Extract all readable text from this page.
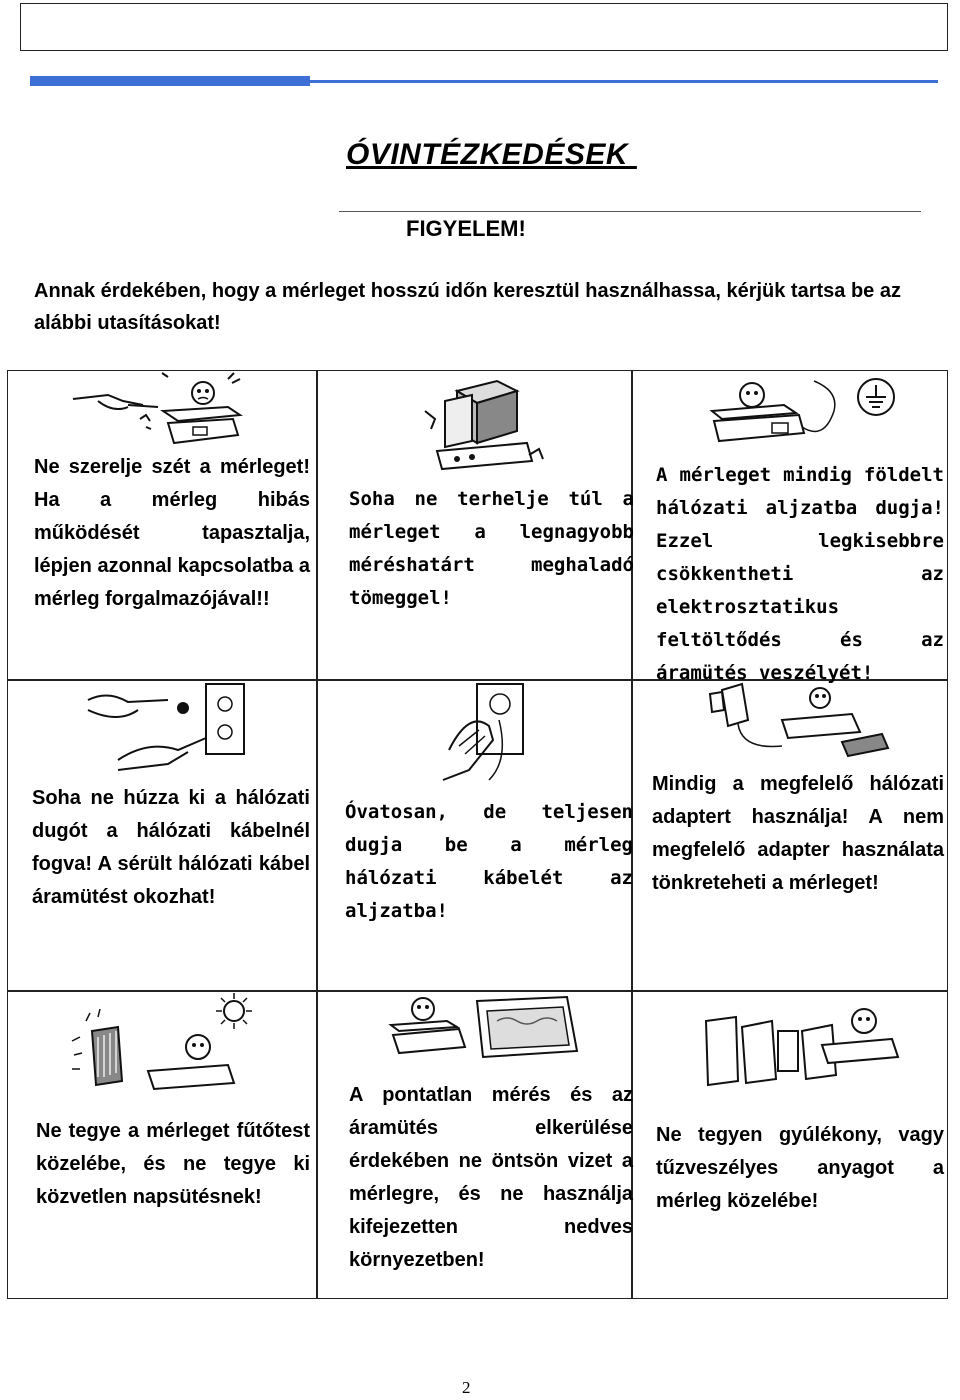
ÓVINTÉZKEDÉSEK
FIGYELEM!
Annak érdekében, hogy a mérleget hosszú időn keresztül használhassa, kérjük tartsa be az alábbi utasításokat!
Ne szerelje szét a mérleget! Ha a mérleg hibás működését tapasztalja, lépjen azonnal kapcsolatba a mérleg forgalmazójával!!
Soha ne terhelje túl a mérleget a legnagyobb méréshatárt meghaladó tömeggel!
A mérleget mindig földelt hálózati aljzatba dugja! Ezzel legkisebbre csökkentheti az elektrosztatikus feltöltődés és az áramütés veszélyét!
Soha ne húzza ki a hálózati dugót a hálózati kábelnél fogva! A sérült hálózati kábel áramütést okozhat!
Óvatosan, de teljesen dugja be a mérleg hálózati kábelét az aljzatba!
Mindig a megfelelő hálózati adaptert használja! A nem megfelelő adapter használata tönkreteheti a mérleget!
Ne tegye a mérleget fűtőtest közelébe, és ne tegye ki közvetlen napsütésnek!
A pontatlan mérés és az áramütés elkerülése érdekében ne öntsön vizet a mérlegre, és ne használja kifejezetten nedves környezetben!
Ne tegyen gyúlékony, vagy tűzveszélyes anyagot a mérleg közelébe!
2
